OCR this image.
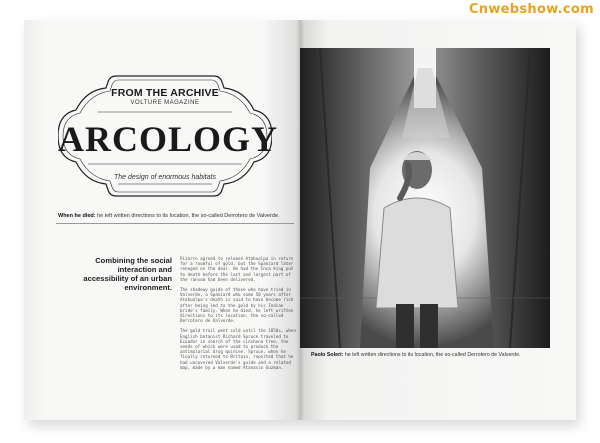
Cnwebshow.com
FROM THE ARCHIVE
VOLTURE MAGAZINE
ARCOLOGY
The design of enormous habitats
When he died: he left written directions to its location, the so-called Derrotero de Valverde.
Combining the social interaction and accessibility of an urban environment.

Pizarro agreed to release Atahualpa in return for a roomful of gold, but the Spaniard later reneged on the deal. He had the Inca king put to death before the last and largest part of the ransom had been delivered.

The shadowy guide of those who have tried in Valverde, a Spaniard who some 50 years after Atahualpa's death is said to have become rich after being led to the gold by his Indian bride's family. When he died, he left written directions to its location, the so-called Derrotero de Valverde.

The gold trail went cold until the 1850s, when English botanist Richard Spruce traveled to Ecuador in search of the cinchona tree, the seeds of which were used to produce the antimalarial drug quinine. Spruce, when he finally returned to Britain, reported that he had uncovered Valverde's guide and a related map, made by a man named Atanasio Guzman.

Paolo Soleri: he left written directions to its location, the so-called Derrotero de Valverde.
